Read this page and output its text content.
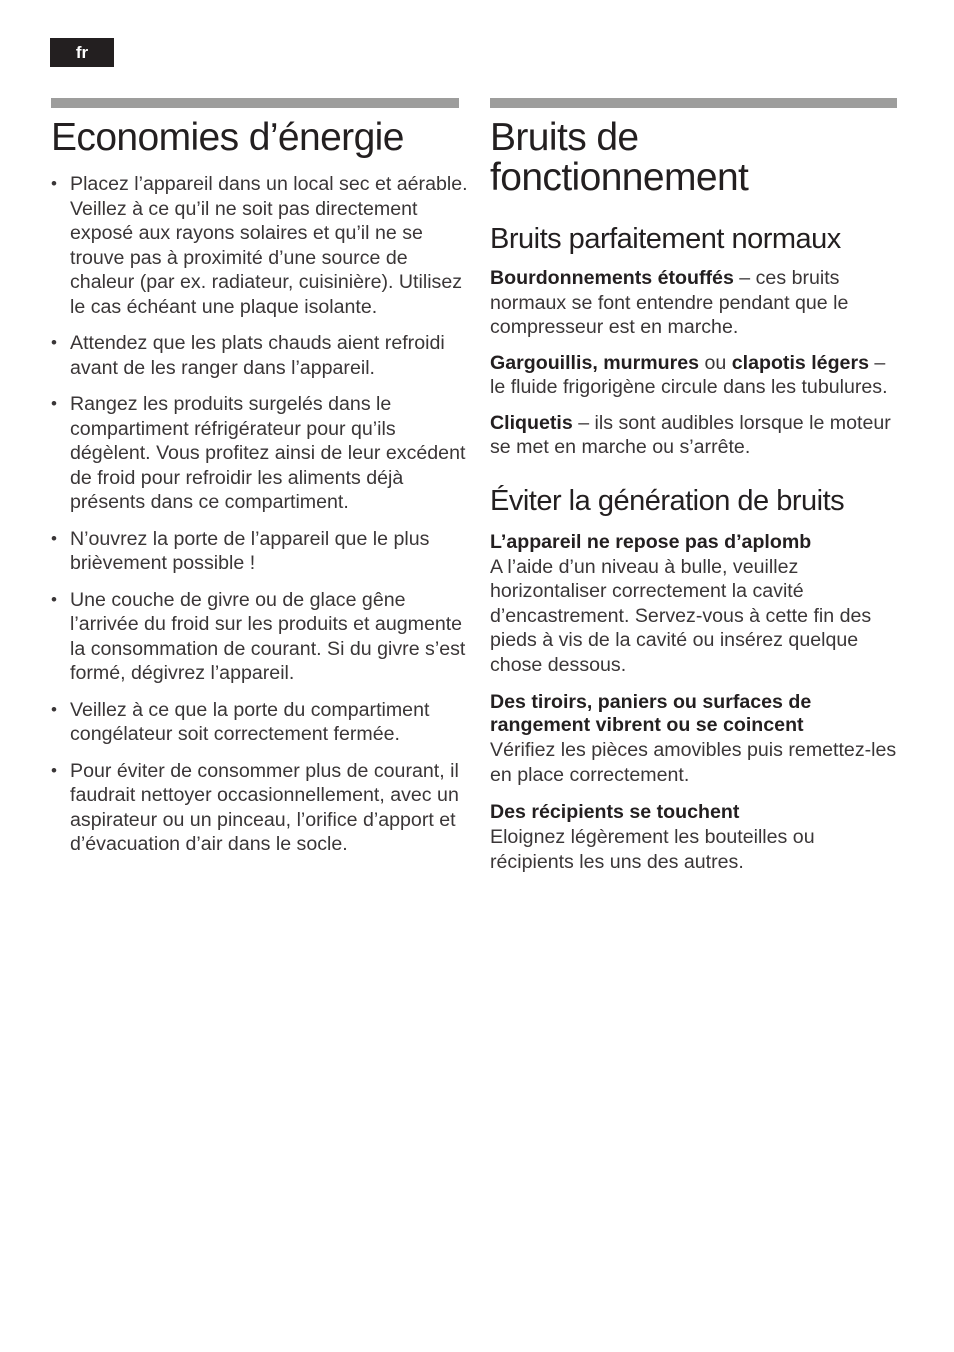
fr
Economies d’énergie
• Placez l’appareil dans un local sec et aérable. Veillez à ce qu’il ne soit pas directement exposé aux rayons solaires et qu’il ne se trouve pas à proximité d’une source de chaleur (par ex. radiateur, cuisinière). Utilisez le cas échéant une plaque isolante.
• Attendez que les plats chauds aient refroidi avant de les ranger dans l’appareil.
• Rangez les produits surgelés dans le compartiment réfrigérateur pour qu’ils dégèlent. Vous profitez ainsi de leur excédent de froid pour refroidir les aliments déjà présents dans ce compartiment.
• N’ouvrez la porte de l’appareil que le plus brièvement possible !
• Une couche de givre ou de glace gêne l’arrivée du froid sur les produits et augmente la consommation de courant. Si du givre s’est formé, dégivrez l’appareil.
• Veillez à ce que la porte du compartiment congélateur soit correctement fermée.
• Pour éviter de consommer plus de courant, il faudrait nettoyer occasionnellement, avec un aspirateur ou un pinceau, l’orifice d’apport et d’évacuation d’air dans le socle.
Bruits de fonctionnement
Bruits parfaitement normaux

Bourdonnements étouffés – ces bruits normaux se font entendre pendant que le compresseur est en marche.

Gargouillis, murmures ou clapotis légers – le fluide frigorigène circule dans les tubulures.

Cliquetis – ils sont audibles lorsque le moteur se met en marche ou s’arrête.

Éviter la génération de bruits
L’appareil ne repose pas d’aplomb

A l’aide d’un niveau à bulle, veuillez horizontaliser correctement la cavité d’encastrement. Servez-vous à cette fin des pieds à vis de la cavité ou insérez quelque chose dessous.

Des tiroirs, paniers ou surfaces de rangement vibrent ou se coincent

Vérifiez les pièces amovibles puis remettez-les en place correctement.

Des récipients se touchent

Eloignez légèrement les bouteilles ou récipients les uns des autres.
